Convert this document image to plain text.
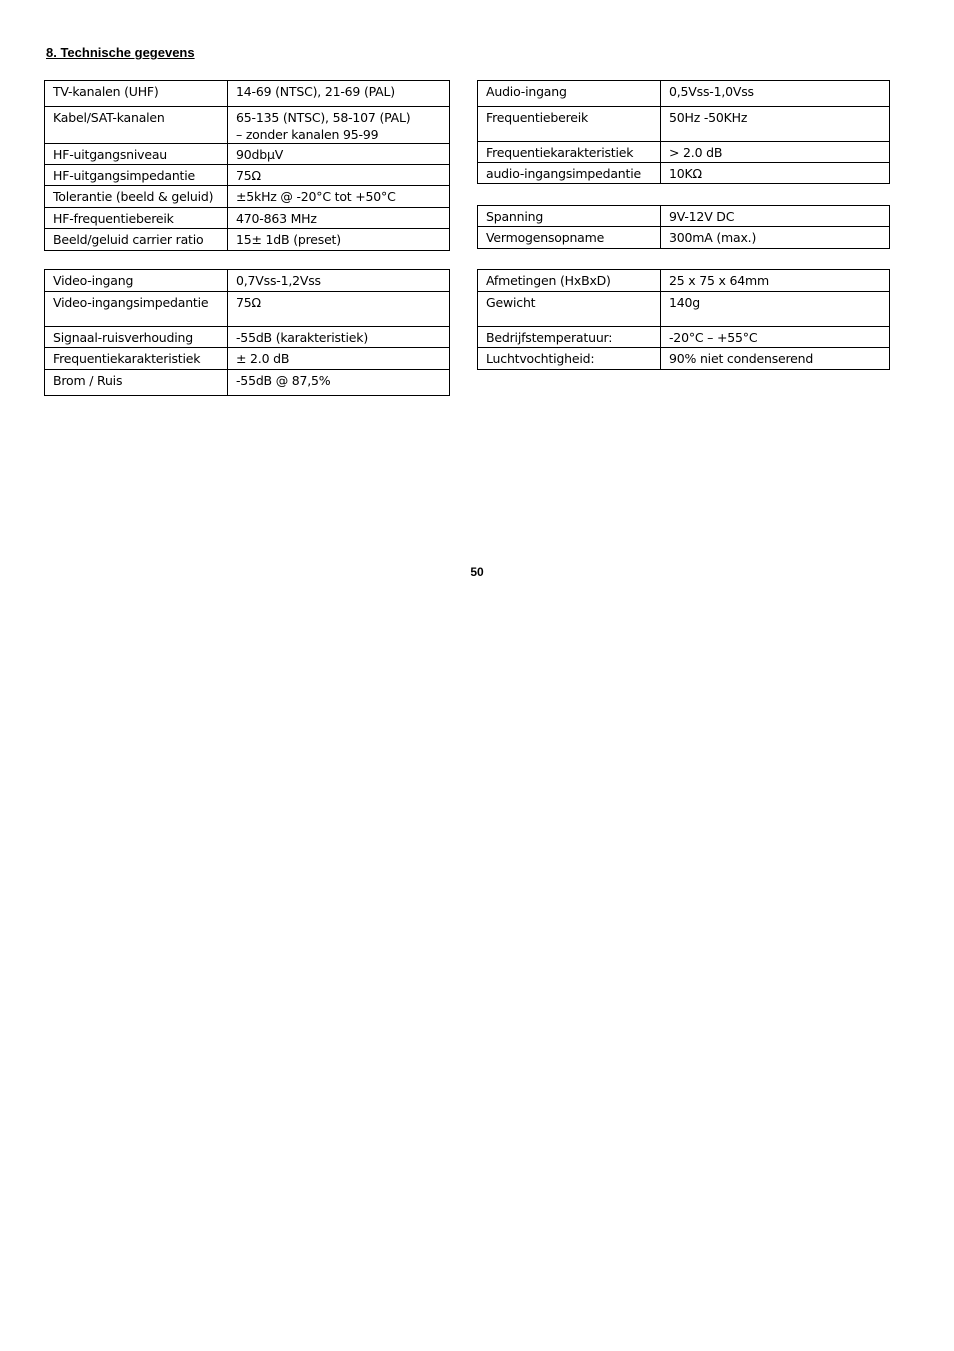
8. Technische gegevens
TV-kanalen (UHF)	14-69 (NTSC), 21-69 (PAL)
Kabel/SAT-kanalen	65-135 (NTSC), 58-107 (PAL)
– zonder kanalen 95-99
HF-uitgangsniveau	90dbμV
HF-uitgangsimpedantie	75Ω
Tolerantie (beeld & geluid)	±5kHz @ -20°C tot +50°C
HF-frequentiebereik	470-863 MHz
Beeld/geluid carrier ratio	15± 1dB (preset)
Audio-ingang	0,5Vss-1,0Vss
Frequentiebereik	50Hz -50KHz
Frequentiekarakteristiek	> 2.0 dB
audio-ingangsimpedantie	10KΩ
Spanning	9V-12V DC
Vermogensopname	300mA (max.)
Video-ingang	0,7Vss-1,2Vss
Video-ingangsimpedantie	75Ω
Signaal-ruisverhouding	-55dB (karakteristiek)
Frequentiekarakteristiek	± 2.0 dB
Brom / Ruis	-55dB @ 87,5%
Afmetingen (HxBxD)	25 x 75 x 64mm
Gewicht	140g
Bedrijfstemperatuur:	-20°C – +55°C
Luchtvochtigheid:	90% niet condenserend
50
